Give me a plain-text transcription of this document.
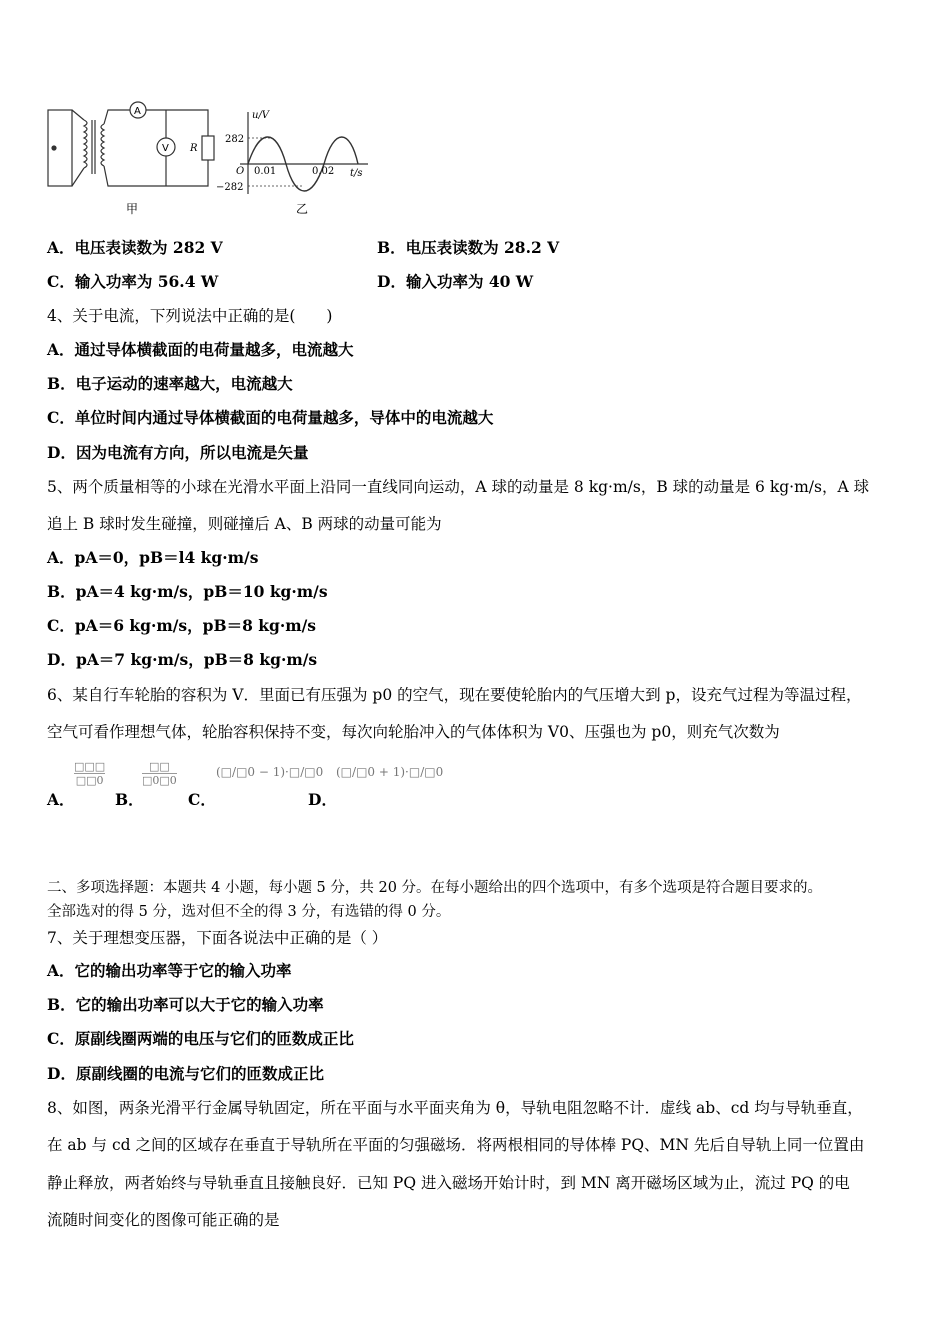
A
V R
甲
u/V
282
−282
O 0.01	0.02 t/s
乙
A．电压表读数为 282 V	B．电压表读数为 28.2 V
C．输入功率为 56.4 W	D．输入功率为 40 W
4、关于电流，下列说法中正确的是(　　)
A．通过导体横截面的电荷量越多，电流越大
B．电子运动的速率越大，电流越大
C．单位时间内通过导体横截面的电荷量越多，导体中的电流越大
D．因为电流有方向，所以电流是矢量
5、两个质量相等的小球在光滑水平面上沿同一直线同向运动，A 球的动量是 8 kg·m/s，B 球的动量是 6 kg·m/s，A 球
追上 B 球时发生碰撞，则碰撞后 A、B 两球的动量可能为
A．pA＝0，pB＝l4 kg·m/s
B．pA＝4 kg·m/s，pB＝10 kg·m/s
C．pA＝6 kg·m/s，pB＝8 kg·m/s
D．pA＝7 kg·m/s，pB＝8 kg·m/s
6、某自行车轮胎的容积为 V．里面已有压强为 p0 的空气，现在要使轮胎内的气压增大到 p，设充气过程为等温过程，
空气可看作理想气体，轮胎容积保持不变，每次向轮胎冲入的气体体积为 V0、压强也为 p0，则充气次数为
A．
□□□
□□0
B．
□□
□0□0
C．
(□/□0 − 1)·□/□0
D．
(□/□0 + 1)·□/□0
二、多项选择题：本题共 4 小题，每小题 5 分，共 20 分。在每小题给出的四个选项中，有多个选项是符合题目要求的。
全部选对的得 5 分，选对但不全的得 3 分，有选错的得 0 分。
7、关于理想变压器，下面各说法中正确的是（ ）
A．它的输出功率等于它的输入功率
B．它的输出功率可以大于它的输入功率
C．原副线圈两端的电压与它们的匝数成正比
D．原副线圈的电流与它们的匝数成正比
8、如图，两条光滑平行金属导轨固定，所在平面与水平面夹角为 θ，导轨电阻忽略不计．虚线 ab、cd 均与导轨垂直，
在 ab 与 cd 之间的区域存在垂直于导轨所在平面的匀强磁场．将两根相同的导体棒 PQ、MN 先后自导轨上同一位置由
静止释放，两者始终与导轨垂直且接触良好．已知 PQ 进入磁场开始计时，到 MN 离开磁场区域为止，流过 PQ 的电
流随时间变化的图像可能正确的是
